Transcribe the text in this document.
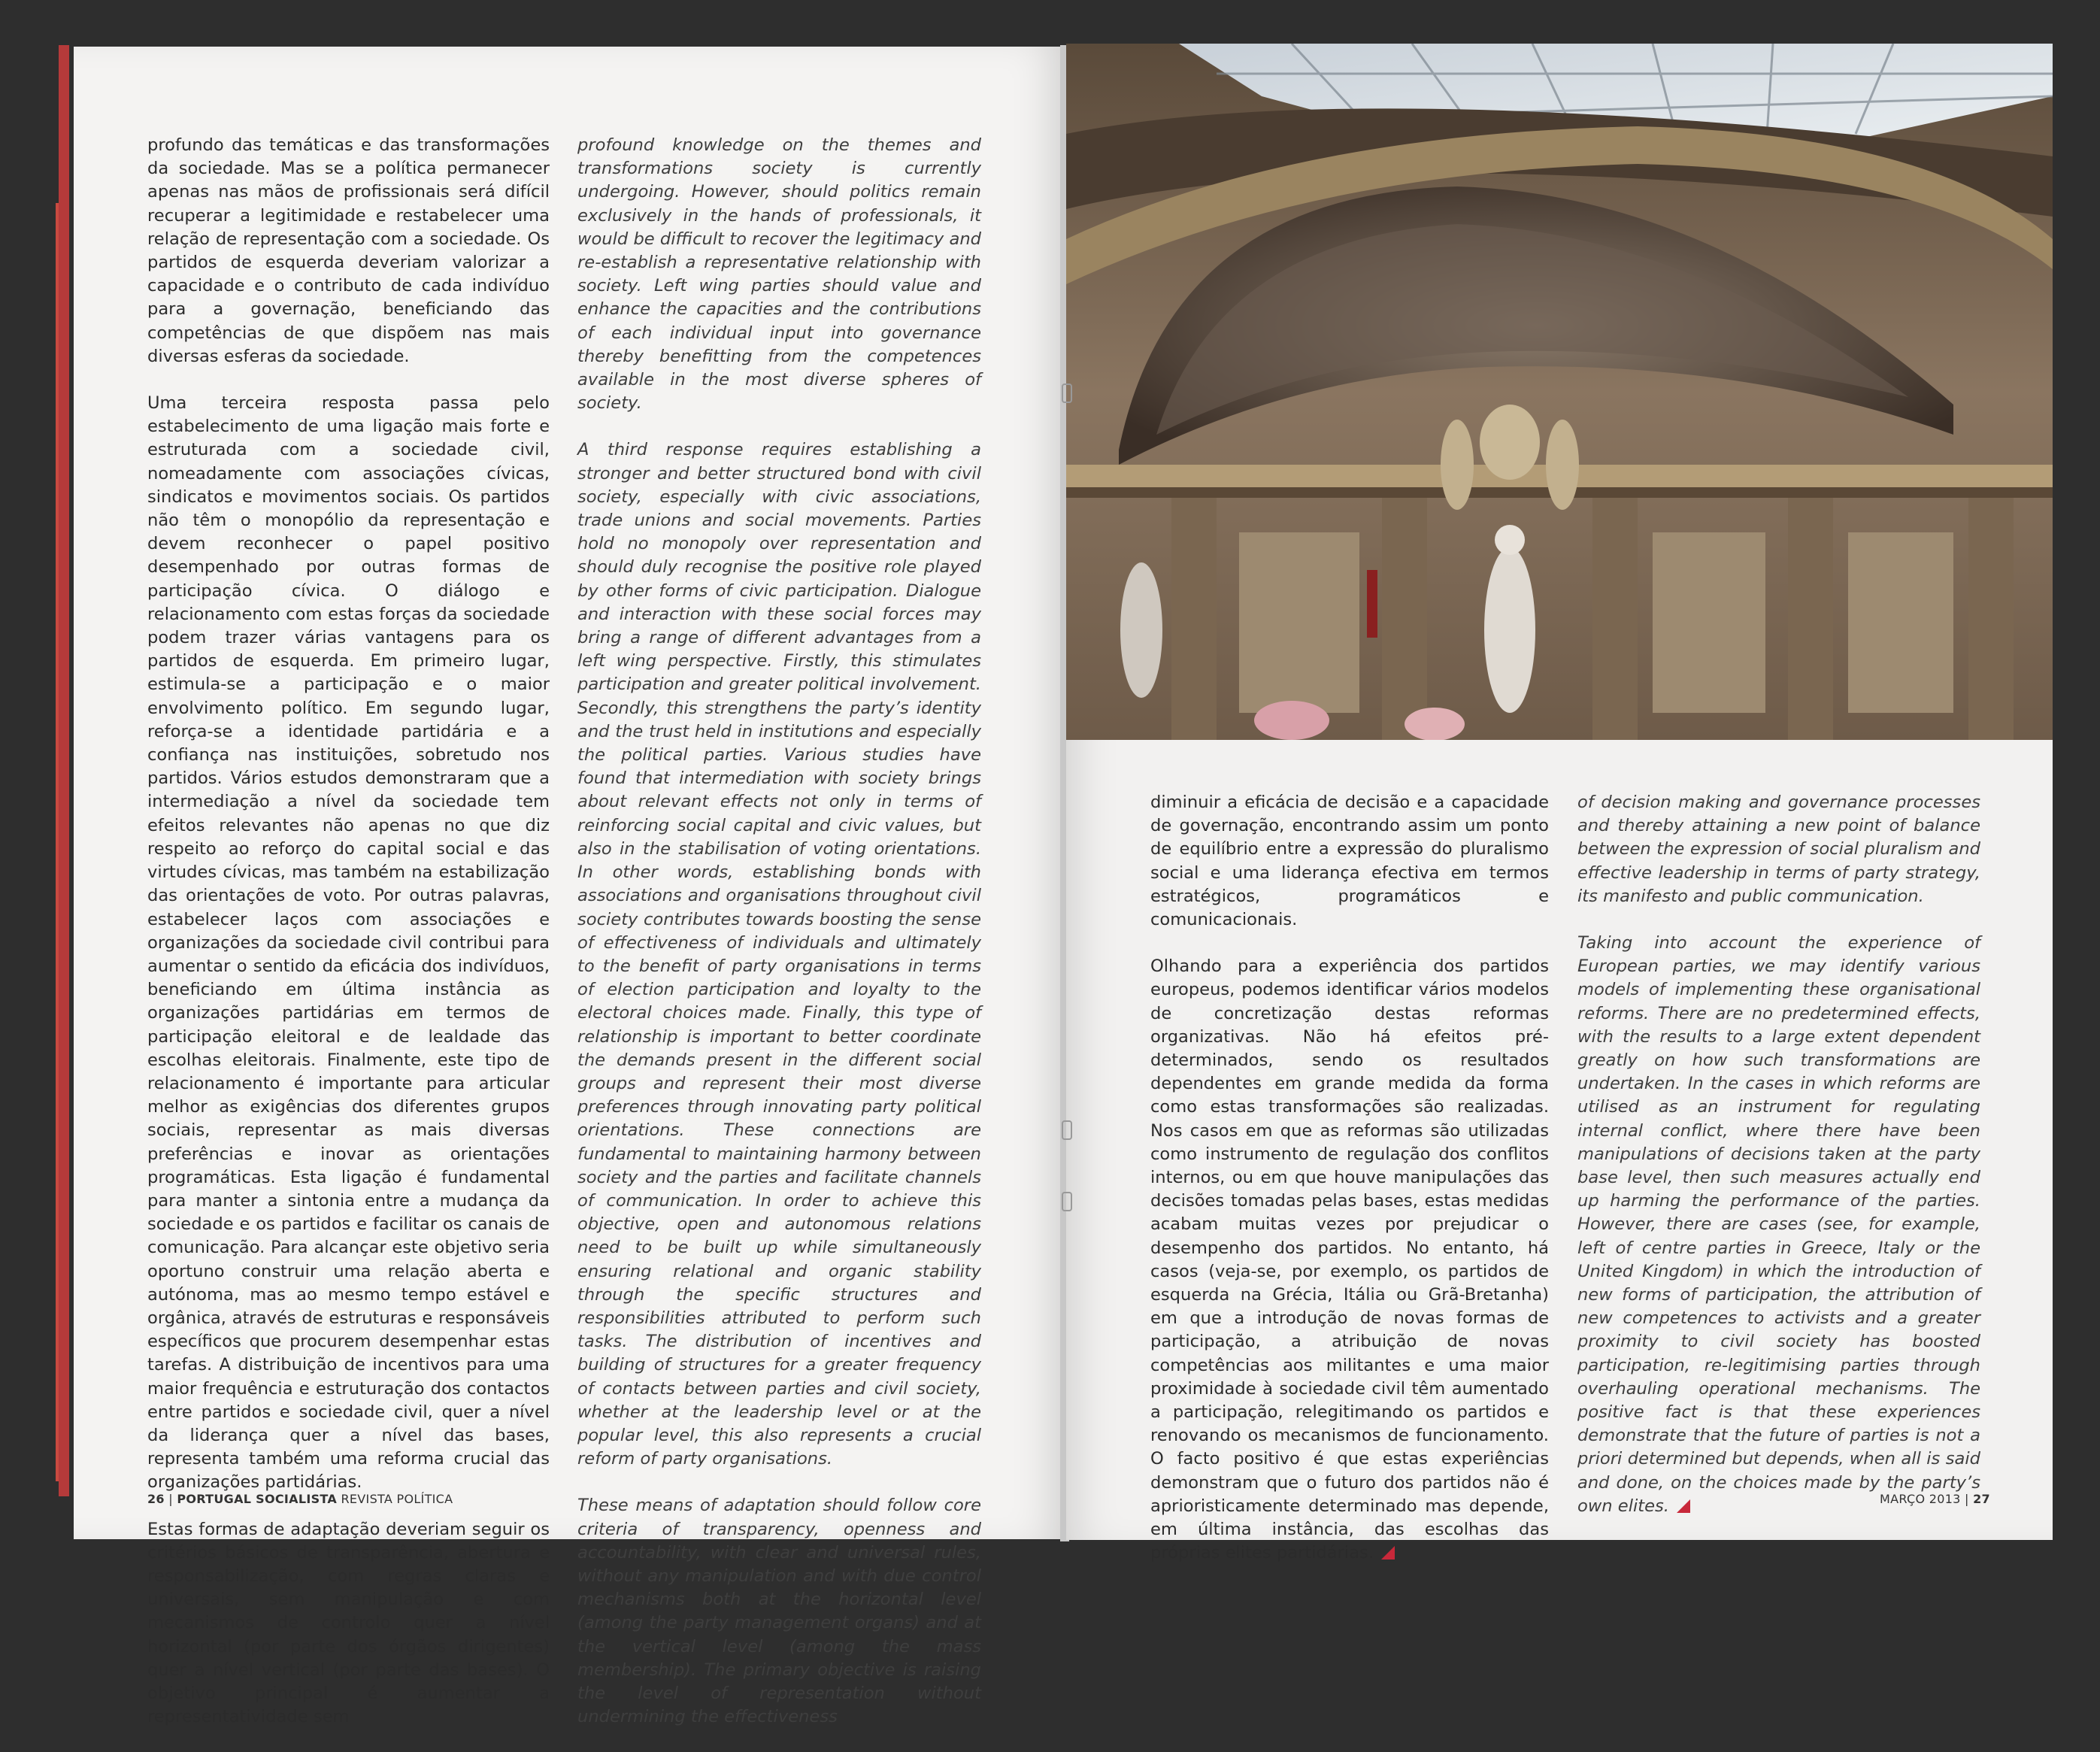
profundo das temáticas e das transformações da sociedade. Mas se a política permanecer apenas nas mãos de profissionais será difícil recuperar a legitimidade e restabelecer uma relação de representação com a sociedade. Os partidos de esquerda deveriam valorizar a capacidade e o contributo de cada indivíduo para a governação, beneficiando das competências de que dispõem nas mais diversas esferas da sociedade.

Uma terceira resposta passa pelo estabelecimento de uma ligação mais forte e estruturada com a sociedade civil, nomeadamente com associações cívicas, sindicatos e movimentos sociais. Os partidos não têm o monopólio da representação e devem reconhecer o papel positivo desempenhado por outras formas de participação cívica. O diálogo e relacionamento com estas forças da sociedade podem trazer várias vantagens para os partidos de esquerda. Em primeiro lugar, estimula-se a participação e o maior envolvimento político. Em segundo lugar, reforça-se a identidade partidária e a confiança nas instituições, sobretudo nos partidos. Vários estudos demonstraram que a intermediação a nível da sociedade tem efeitos relevantes não apenas no que diz respeito ao reforço do capital social e das virtudes cívicas, mas também na estabilização das orientações de voto. Por outras palavras, estabelecer laços com associações e organizações da sociedade civil contribui para aumentar o sentido da eficácia dos indivíduos, beneficiando em última instância as organizações partidárias em termos de participação eleitoral e de lealdade das escolhas eleitorais. Finalmente, este tipo de relacionamento é importante para articular melhor as exigências dos diferentes grupos sociais, representar as mais diversas preferências e inovar as orientações programáticas. Esta ligação é fundamental para manter a sintonia entre a mudança da sociedade e os partidos e facilitar os canais de comunicação. Para alcançar este objetivo seria oportuno construir uma relação aberta e autónoma, mas ao mesmo tempo estável e orgânica, através de estruturas e responsáveis específicos que procurem desempenhar estas tarefas. A distribuição de incentivos para uma maior frequência e estruturação dos contactos entre partidos e sociedade civil, quer a nível da liderança quer a nível das bases, representa também uma reforma crucial das organizações partidárias.

Estas formas de adaptação deveriam seguir os critérios básicos de transparência, abertura e responsabilização, com regras claras e universais, sem manipulação e com mecanismos de controlo quer a nível horizontal (por parte dos órgãos dirigentes) quer a nível vertical (por parte das bases). O objetivo principal é aumentar a representatividade sem

profound knowledge on the themes and transformations society is currently undergoing. However, should politics remain exclusively in the hands of professionals, it would be difficult to recover the legitimacy and re-establish a representative relationship with society. Left wing parties should value and enhance the capacities and the contributions of each individual input into governance thereby benefitting from the competences available in the most diverse spheres of society.

A third response requires establishing a stronger and better structured bond with civil society, especially with civic associations, trade unions and social movements. Parties hold no monopoly over representation and should duly recognise the positive role played by other forms of civic participation. Dialogue and interaction with these social forces may bring a range of different advantages from a left wing perspective. Firstly, this stimulates participation and greater political involvement. Secondly, this strengthens the party’s identity and the trust held in institutions and especially the political parties. Various studies have found that intermediation with society brings about relevant effects not only in terms of reinforcing social capital and civic values, but also in the stabilisation of voting orientations. In other words, establishing bonds with associations and organisations throughout civil society contributes towards boosting the sense of effectiveness of individuals and ultimately to the benefit of party organisations in terms of election participation and loyalty to the electoral choices made. Finally, this type of relationship is important to better coordinate the demands present in the different social groups and represent their most diverse preferences through innovating party political orientations. These connections are fundamental to maintaining harmony between society and the parties and facilitate channels of communication. In order to achieve this objective, open and autonomous relations need to be built up while simultaneously ensuring relational and organic stability through the specific structures and responsibilities attributed to perform such tasks. The distribution of incentives and building of structures for a greater frequency of contacts between parties and civil society, whether at the leadership level or at the popular level, this also represents a crucial reform of party organisations.

These means of adaptation should follow core criteria of transparency, openness and accountability, with clear and universal rules, without any manipulation and with due control mechanisms both at the horizontal level (among the party management organs) and at the vertical level (among the mass membership). The primary objective is raising the level of representation without undermining the effectiveness

diminuir a eficácia de decisão e a capacidade de governação, encontrando assim um ponto de equilíbrio entre a expressão do pluralismo social e uma liderança efectiva em termos estratégicos, programáticos e comunicacionais.

Olhando para a experiência dos partidos europeus, podemos identificar vários modelos de concretização destas reformas organizativas. Não há efeitos pré-determinados, sendo os resultados dependentes em grande medida da forma como estas transformações são realizadas. Nos casos em que as reformas são utilizadas como instrumento de regulação dos conflitos internos, ou em que houve manipulações das decisões tomadas pelas bases, estas medidas acabam muitas vezes por prejudicar o desempenho dos partidos. No entanto, há casos (veja-se, por exemplo, os partidos de esquerda na Grécia, Itália ou Grã-Bretanha) em que a introdução de novas formas de participação, a atribuição de novas competências aos militantes e uma maior proximidade à sociedade civil têm aumentado a participação, relegitimando os partidos e renovando os mecanismos de funcionamento. O facto positivo é que estas experiências demonstram que o futuro dos partidos não é aprioristicamente determinado mas depende, em última instância, das escolhas das próprias elites partidárias.

of decision making and governance processes and thereby attaining a new point of balance between the expression of social pluralism and effective leadership in terms of party strategy, its manifesto and public communication.

Taking into account the experience of European parties, we may identify various models of implementing these organisational reforms. There are no predetermined effects, with the results to a large extent dependent greatly on how such transformations are undertaken. In the cases in which reforms are utilised as an instrument for regulating internal conflict, where there have been manipulations of decisions taken at the party base level, then such measures actually end up harming the performance of the parties. However, there are cases (see, for example, left of centre parties in Greece, Italy or the United Kingdom) in which the introduction of new forms of participation, the attribution of new competences to activists and a greater proximity to civil society has boosted participation, re-legitimising parties through overhauling operational mechanisms. The positive fact is that these experiences demonstrate that the future of parties is not a priori determined but depends, when all is said and done, on the choices made by the party’s own elites.

26 | PORTUGAL SOCIALISTA REVISTA POLÍTICA	MARÇO 2013 | 27
